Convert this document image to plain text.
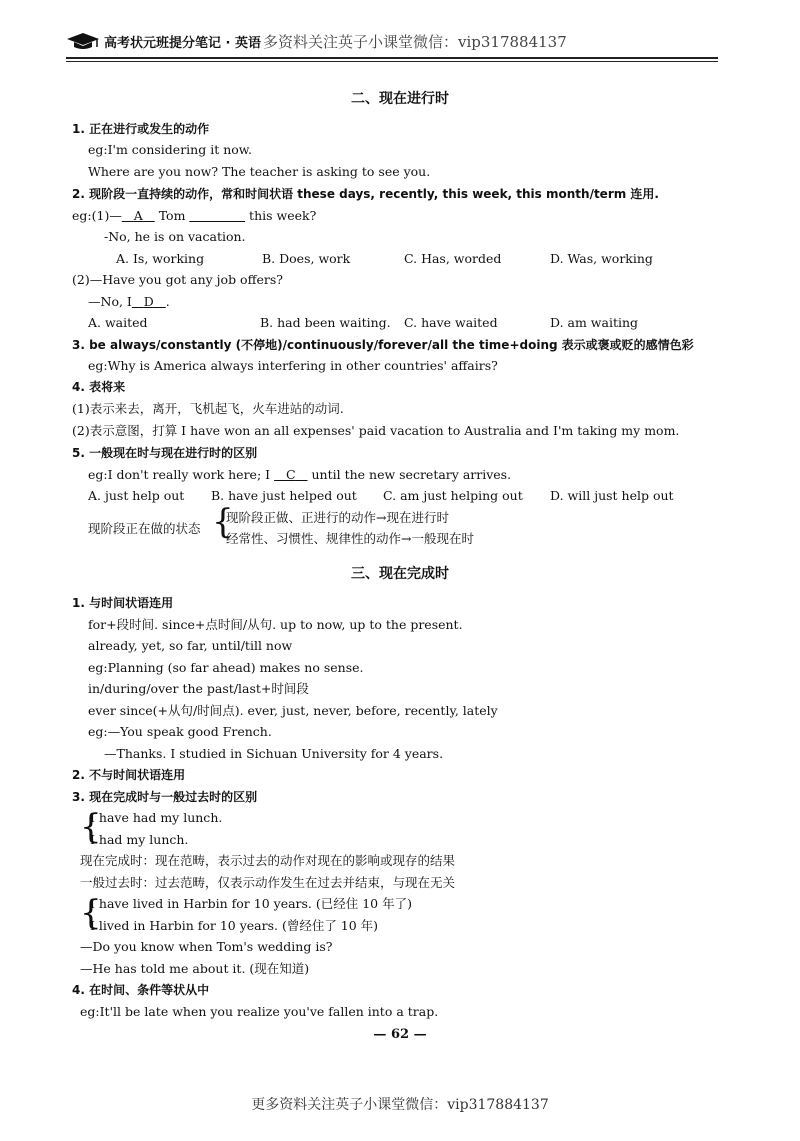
高考状元班提分笔记 · 英语 多资料关注英子小课堂微信：vip317884137
二、现在进行时
1. 正在进行或发生的动作
eg:I'm considering it now.
Where are you now? The teacher is asking to see you.
2. 现阶段一直持续的动作，常和时间状语 these days, recently, this week, this month/term 连用.
eg:(1)— A Tom	this week?
-No, he is on vacation.
A. Is, working	B. Does, work	C. Has, worded	D. Was, working
(2)—Have you got any job offers?
—No, I D .
A. waited	B. had been waiting. C. have waited	D. am waiting
3. be always/constantly (不停地)/continuously/forever/all the time+doing 表示或褒或贬的感情色彩
eg:Why is America always interfering in other countries' affairs?
4. 表将来
(1)表示来去，离开，飞机起飞，火车进站的动词.
(2)表示意图，打算 I have won an all expenses' paid vacation to Australia and I'm taking my mom.
5. 一般现在时与现在进行时的区别
eg:I don't really work here; I C until the new secretary arrives.
A. just help out B. have just helped out C. am just helping out D. will just help out
现阶段正在做的状态 {
现阶段正做、正进行的动作→现在进行时
经常性、习惯性、规律性的动作→一般现在时
三、现在完成时
1. 与时间状语连用
for+段时间. since+点时间/从句. up to now, up to the present.
already, yet, so far, until/till now
eg:Planning (so far ahead) makes no sense.
in/during/over the past/last+时间段
ever since(+从句/时间点). ever, just, never, before, recently, lately
eg:—You speak good French.
—Thanks. I studied in Sichuan University for 4 years.
2. 不与时间状语连用
3. 现在完成时与一般过去时的区别
{
I have had my lunch.
I had my lunch.
现在完成时：现在范畴，表示过去的动作对现在的影响或现存的结果
一般过去时：过去范畴，仅表示动作发生在过去并结束，与现在无关
{
I have lived in Harbin for 10 years. (已经住 10 年了)
I lived in Harbin for 10 years. (曾经住了 10 年)
—Do you know when Tom's wedding is?
—He has told me about it. (现在知道)
4. 在时间、条件等状从中
eg:It'll be late when you realize you've fallen into a trap.
— 62 —
更多资料关注英子小课堂微信：vip317884137
